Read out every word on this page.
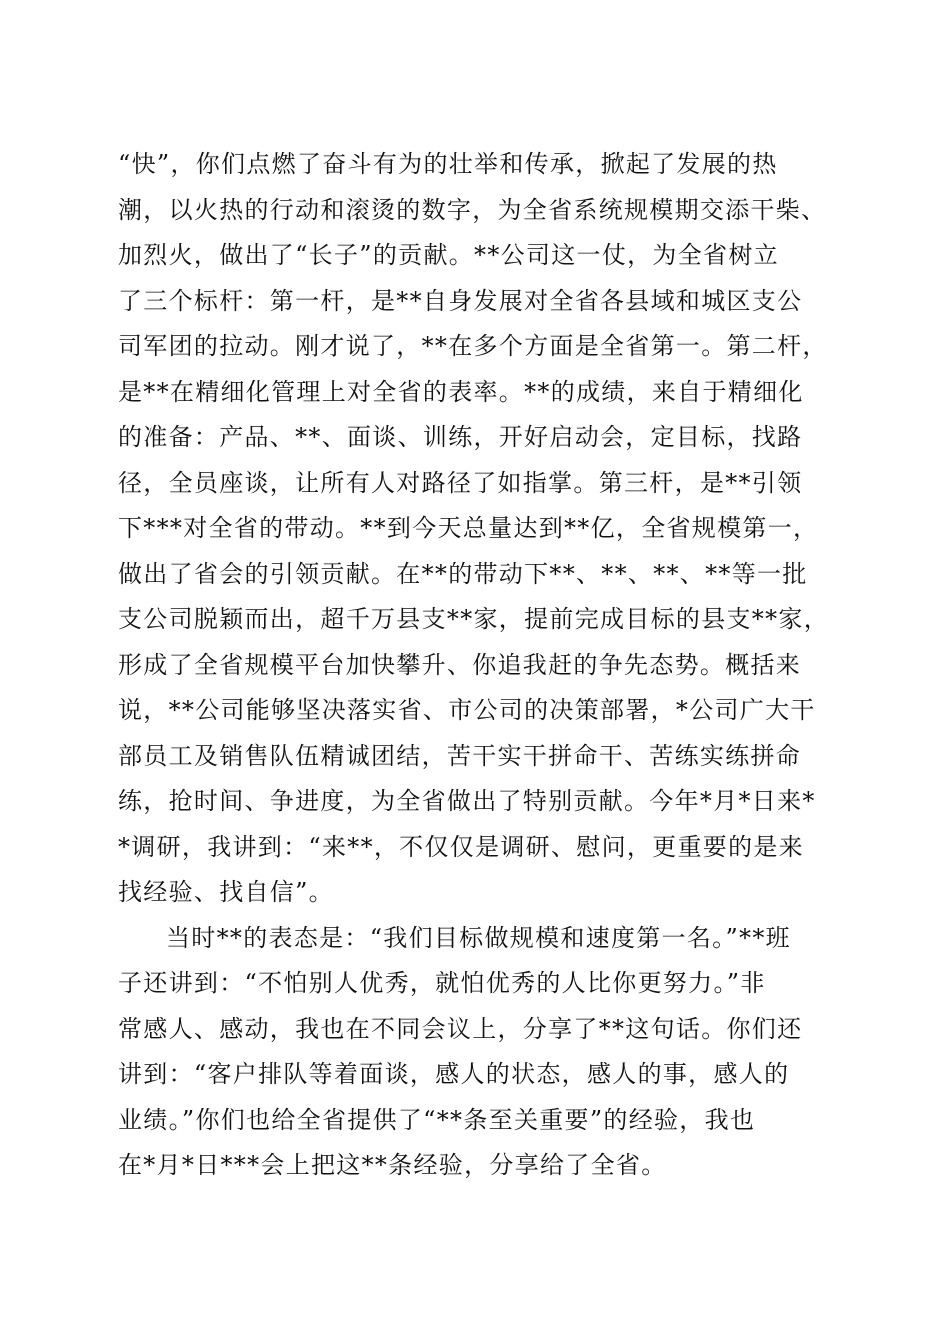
“快”，你们点燃了奋斗有为的壮举和传承，掀起了发展的热
潮，以火热的行动和滚烫的数字，为全省系统规模期交添干柴、
加烈火，做出了“长子”的贡献。**公司这一仗，为全省树立
了三个标杆：第一杆，是**自身发展对全省各县域和城区支公
司军团的拉动。刚才说了，**在多个方面是全省第一。第二杆，
是**在精细化管理上对全省的表率。**的成绩，来自于精细化
的准备：产品、**、面谈、训练，开好启动会，定目标，找路
径，全员座谈，让所有人对路径了如指掌。第三杆，是**引领
下***对全省的带动。**到今天总量达到**亿，全省规模第一，
做出了省会的引领贡献。在**的带动下**、**、**、**等一批
支公司脱颖而出，超千万县支**家，提前完成目标的县支**家，
形成了全省规模平台加快攀升、你追我赶的争先态势。概括来
说，**公司能够坚决落实省、市公司的决策部署，*公司广大干
部员工及销售队伍精诚团结，苦干实干拼命干、苦练实练拼命
练，抢时间、争进度，为全省做出了特别贡献。今年*月*日来*
*调研，我讲到：“来**，不仅仅是调研、慰问，更重要的是来
找经验、找自信”。
当时**的表态是：“我们目标做规模和速度第一名。”**班
子还讲到：“不怕别人优秀，就怕优秀的人比你更努力。”非
常感人、感动，我也在不同会议上，分享了**这句话。你们还
讲到：“客户排队等着面谈，感人的状态，感人的事，感人的
业绩。”你们也给全省提供了“**条至关重要”的经验，我也
在*月*日***会上把这**条经验，分享给了全省。
